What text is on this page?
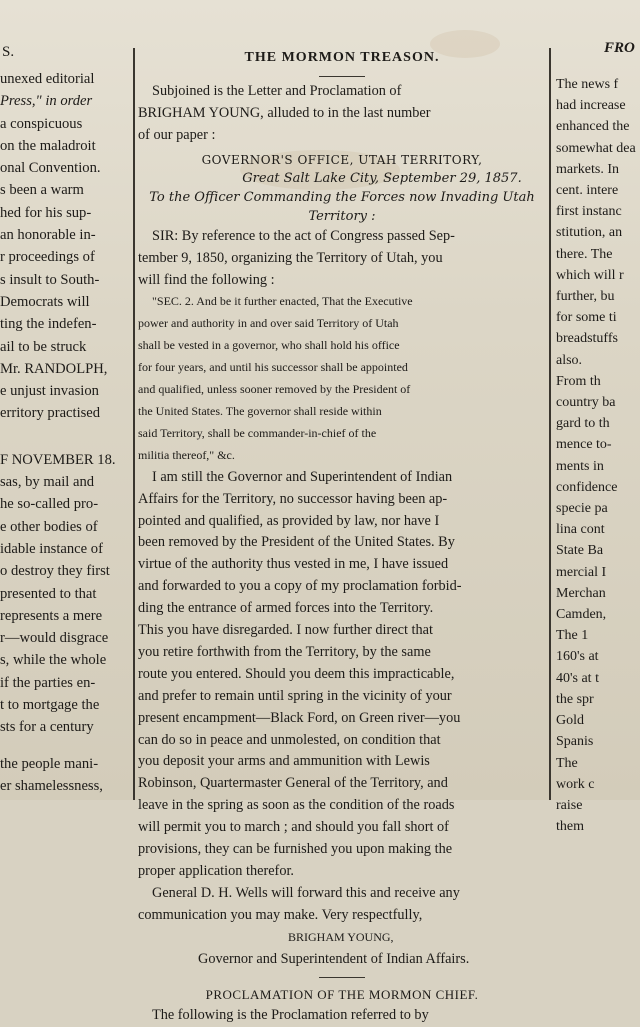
S.	FRO
unexed editorial
Press," in order
a conspicuous
on the maladroit
onal Convention.
s been a warm
hed for his sup-
an honorable in-
r proceedings of
s insult to South-
Democrats will
ting the indefen-
ail to be struck
Mr. RANDOLPH,
e unjust invasion
erritory practised
F NOVEMBER 18.
sas, by mail and
he so-called pro-
e other bodies of
idable instance of
o destroy they first
presented to that
represents a mere
r—would disgrace
s, while the whole
if the parties en-
t to mortgage the
sts for a century
the people mani-
er shamelessness,
THE MORMON TREASON.
Subjoined is the Letter and Proclamation of
BRIGHAM YOUNG, alluded to in the last number
of our paper :
GOVERNOR'S OFFICE, UTAH TERRITORY,
Great Salt Lake City, September 29, 1857.
To the Officer Commanding the Forces now Invading Utah
Territory :
SIR: By reference to the act of Congress passed Sep-
tember 9, 1850, organizing the Territory of Utah, you
will find the following :
"SEC. 2. And be it further enacted, That the Executive
power and authority in and over said Territory of Utah
shall be vested in a governor, who shall hold his office
for four years, and until his successor shall be appointed
and qualified, unless sooner removed by the President of
the United States. The governor shall reside within
said Territory, shall be commander-in-chief of the
militia thereof," &c.
I am still the Governor and Superintendent of Indian
Affairs for the Territory, no successor having been ap-
pointed and qualified, as provided by law, nor have I
been removed by the President of the United States. By
virtue of the authority thus vested in me, I have issued
and forwarded to you a copy of my proclamation forbid-
ding the entrance of armed forces into the Territory.
This you have disregarded. I now further direct that
you retire forthwith from the Territory, by the same
route you entered. Should you deem this impracticable,
and prefer to remain until spring in the vicinity of your
present encampment—Black Ford, on Green river—you
can do so in peace and unmolested, on condition that
you deposit your arms and ammunition with Lewis
Robinson, Quartermaster General of the Territory, and
leave in the spring as soon as the condition of the roads
will permit you to march ; and should you fall short of
provisions, they can be furnished you upon making the
proper application therefor.
General D. H. Wells will forward this and receive any
communication you may make. Very respectfully,
BRIGHAM YOUNG,
Governor and Superintendent of Indian Affairs.
PROCLAMATION OF THE MORMON CHIEF.
The following is the Proclamation referred to by
The news f
had increase
enhanced the
somewhat dea
markets. In
cent. intere
first instanc
stitution, an
there. The
which will r
further, bu
for some ti
breadstuffs
also.
From th
country ba
gard to th
mence to-
ments in
confidence
specie pa
lina cont
State Ba
mercial I
Merchan
Camden,
The 1
160's at
40's at t
the spr
Gold
Spanis
The
work c
raise
them
